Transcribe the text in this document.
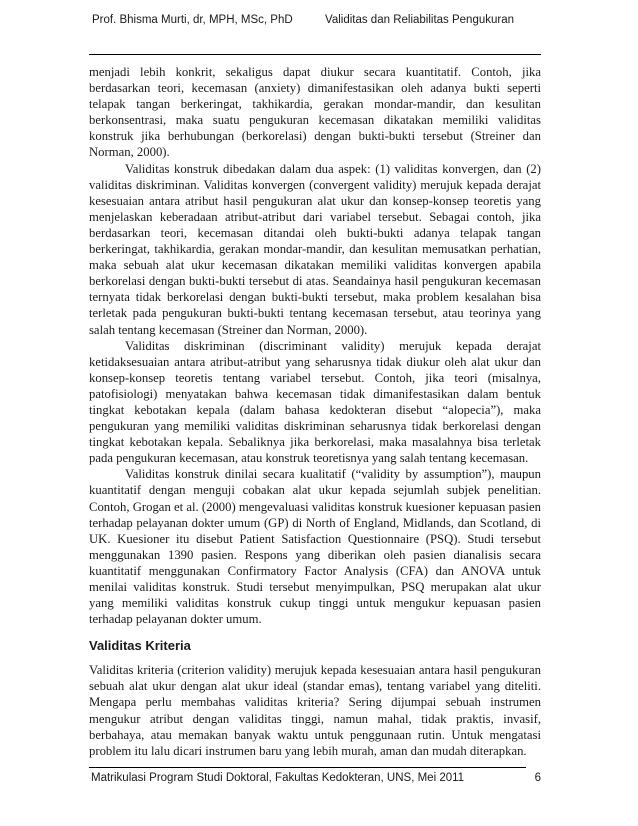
Prof. Bhisma Murti, dr, MPH, MSc, PhD	Validitas dan Reliabilitas Pengukuran

menjadi lebih konkrit, sekaligus dapat diukur secara kuantitatif. Contoh, jika berdasarkan teori, kecemasan (anxiety) dimanifestasikan oleh adanya bukti seperti telapak tangan berkeringat, takhikardia, gerakan mondar-mandir, dan kesulitan berkonsentrasi, maka suatu pengukuran kecemasan dikatakan memiliki validitas konstruk jika berhubungan (berkorelasi) dengan bukti-bukti tersebut (Streiner dan Norman, 2000).

Validitas konstruk dibedakan dalam dua aspek: (1) validitas konvergen, dan (2) validitas diskriminan. Validitas konvergen (convergent validity) merujuk kepada derajat kesesuaian antara atribut hasil pengukuran alat ukur dan konsep-konsep teoretis yang menjelaskan keberadaan atribut-atribut dari variabel tersebut. Sebagai contoh, jika berdasarkan teori, kecemasan ditandai oleh bukti-bukti adanya telapak tangan berkeringat, takhikardia, gerakan mondar-mandir, dan kesulitan memusatkan perhatian, maka sebuah alat ukur kecemasan dikatakan memiliki validitas konvergen apabila berkorelasi dengan bukti-bukti tersebut di atas. Seandainya hasil pengukuran kecemasan ternyata tidak berkorelasi dengan bukti-bukti tersebut, maka problem kesalahan bisa terletak pada pengukuran bukti-bukti tentang kecemasan tersebut, atau teorinya yang salah tentang kecemasan (Streiner dan Norman, 2000).

Validitas diskriminan (discriminant validity) merujuk kepada derajat ketidaksesuaian antara atribut-atribut yang seharusnya tidak diukur oleh alat ukur dan konsep-konsep teoretis tentang variabel tersebut. Contoh, jika teori (misalnya, patofisiologi) menyatakan bahwa kecemasan tidak dimanifestasikan dalam bentuk tingkat kebotakan kepala (dalam bahasa kedokteran disebut “alopecia”), maka pengukuran yang memiliki validitas diskriminan seharusnya tidak berkorelasi dengan tingkat kebotakan kepala. Sebaliknya jika berkorelasi, maka masalahnya bisa terletak pada pengukuran kecemasan, atau konstruk teoretisnya yang salah tentang kecemasan.

Validitas konstruk dinilai secara kualitatif (“validity by assumption”), maupun kuantitatif dengan menguji cobakan alat ukur kepada sejumlah subjek penelitian. Contoh, Grogan et al. (2000) mengevaluasi validitas konstruk kuesioner kepuasan pasien terhadap pelayanan dokter umum (GP) di North of England, Midlands, dan Scotland, di UK. Kuesioner itu disebut Patient Satisfaction Questionnaire (PSQ). Studi tersebut menggunakan 1390 pasien. Respons yang diberikan oleh pasien dianalisis secara kuantitatif menggunakan Confirmatory Factor Analysis (CFA) dan ANOVA untuk menilai validitas konstruk. Studi tersebut menyimpulkan, PSQ merupakan alat ukur yang memiliki validitas konstruk cukup tinggi untuk mengukur kepuasan pasien terhadap pelayanan dokter umum.

Validitas Kriteria

Validitas kriteria (criterion validity) merujuk kepada kesesuaian antara hasil pengukuran sebuah alat ukur dengan alat ukur ideal (standar emas), tentang variabel yang diteliti. Mengapa perlu membahas validitas kriteria? Sering dijumpai sebuah instrumen mengukur atribut dengan validitas tinggi, namun mahal, tidak praktis, invasif, berbahaya, atau memakan banyak waktu untuk penggunaan rutin. Untuk mengatasi problem itu lalu dicari instrumen baru yang lebih murah, aman dan mudah diterapkan.

Matrikulasi Program Studi Doktoral, Fakultas Kedokteran, UNS, Mei 2011	6
